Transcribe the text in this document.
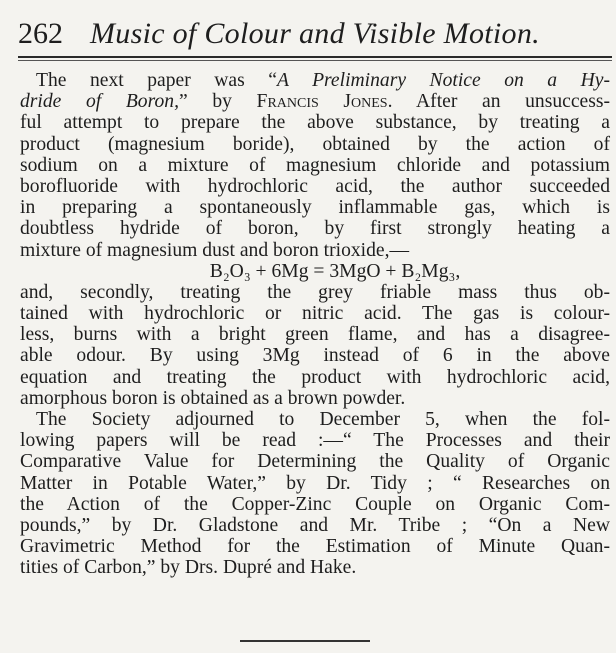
262 Music of Colour and Visible Motion.
The next paper was “A Preliminary Notice on a Hy-
dride of Boron,” by Francis Jones. After an unsuccess-
ful attempt to prepare the above substance, by treating a
product (magnesium boride), obtained by the action of
sodium on a mixture of magnesium chloride and potassium
borofluoride with hydrochloric acid, the author succeeded
in preparing a spontaneously inflammable gas, which is
doubtless hydride of boron, by first strongly heating a
mixture of magnesium dust and boron trioxide,—
B₂O₃ + 6Mg = 3MgO + B₂Mg₃,
and, secondly, treating the grey friable mass thus ob-
tained with hydrochloric or nitric acid. The gas is colour-
less, burns with a bright green flame, and has a disagree-
able odour. By using 3Mg instead of 6 in the above
equation and treating the product with hydrochloric acid,
amorphous boron is obtained as a brown powder.
The Society adjourned to December 5, when the fol-
lowing papers will be read :—“ The Processes and their
Comparative Value for Determining the Quality of Organic
Matter in Potable Water,” by Dr. Tidy ; “ Researches on
the Action of the Copper-Zinc Couple on Organic Com-
pounds,” by Dr. Gladstone and Mr. Tribe ; “On a New
Gravimetric Method for the Estimation of Minute Quan-
tities of Carbon,” by Drs. Dupré and Hake.
